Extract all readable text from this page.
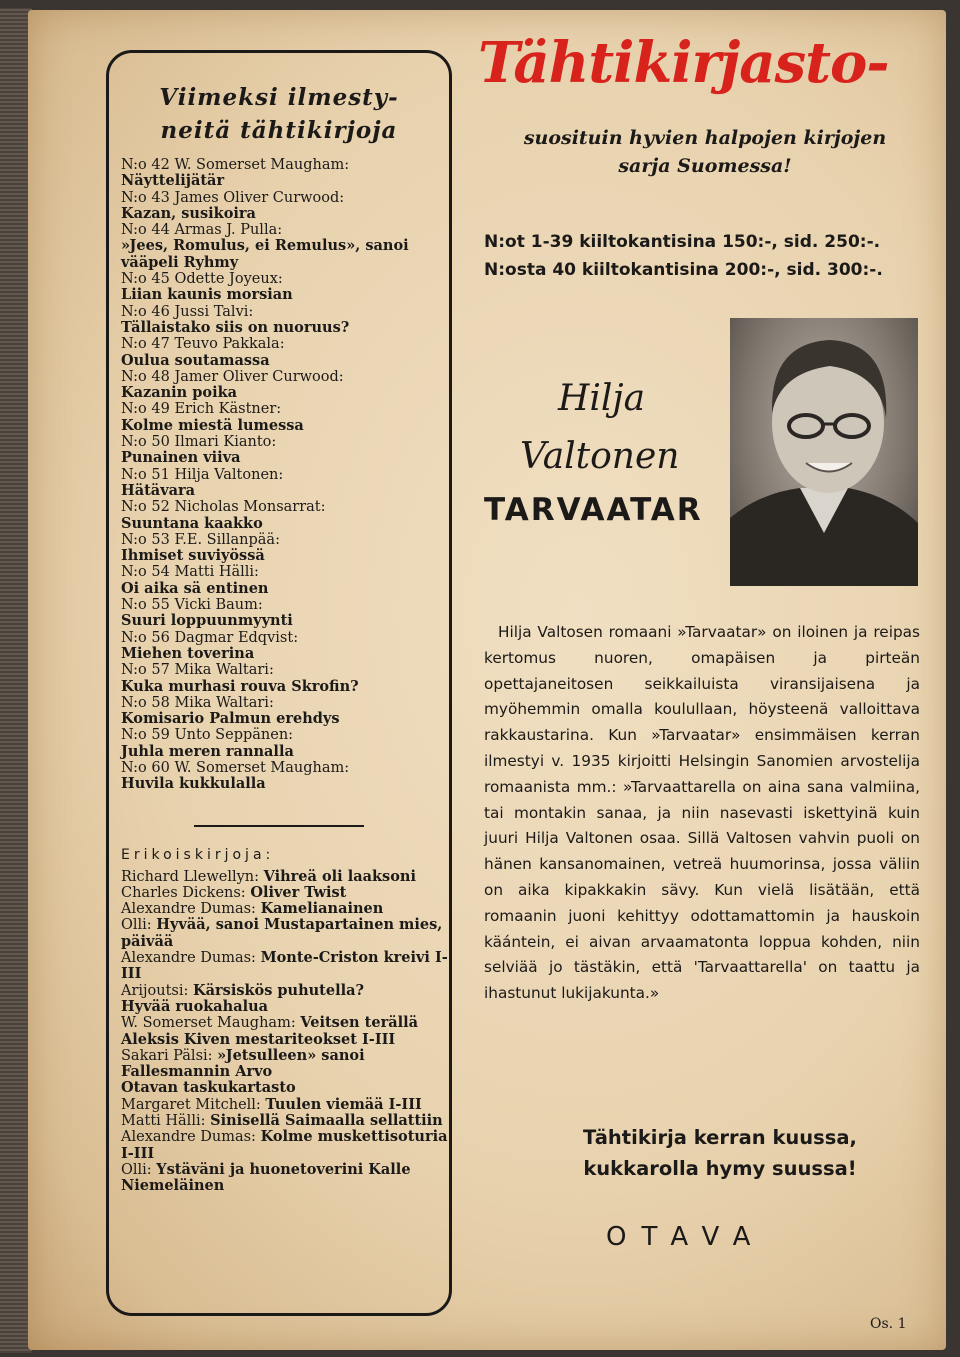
Viimeksi ilmesty-
neitä tähtikirjoja
N:o 42 W. Somerset Maugham:
Näyttelijätär
N:o 43 James Oliver Curwood:
Kazan, susikoira
N:o 44 Armas J. Pulla:
»Jees, Romulus, ei Remulus», sanoi vääpeli Ryhmy
N:o 45 Odette Joyeux:
Liian kaunis morsian
N:o 46 Jussi Talvi:
Tällaistako siis on nuoruus?
N:o 47 Teuvo Pakkala:
Oulua soutamassa
N:o 48 Jamer Oliver Curwood:
Kazanin poika
N:o 49 Erich Kästner:
Kolme miestä lumessa
N:o 50 Ilmari Kianto:
Punainen viiva
N:o 51 Hilja Valtonen:
Hätävara
N:o 52 Nicholas Monsarrat:
Suuntana kaakko
N:o 53 F.E. Sillanpää:
Ihmiset suviyössä
N:o 54 Matti Hälli:
Oi aika sä entinen
N:o 55 Vicki Baum:
Suuri loppuunmyynti
N:o 56 Dagmar Edqvist:
Miehen toverina
N:o 57 Mika Waltari:
Kuka murhasi rouva Skrofin?
N:o 58 Mika Waltari:
Komisario Palmun erehdys
N:o 59 Unto Seppänen:
Juhla meren rannalla
N:o 60 W. Somerset Maugham:
Huvila kukkulalla
Erikoiskirjoja:
Richard Llewellyn: Vihreä oli laaksoni
Charles Dickens: Oliver Twist
Alexandre Dumas: Kamelianainen
Olli: Hyvää, sanoi Mustapartainen mies, päivää
Alexandre Dumas: Monte-Criston kreivi I-III
Arijoutsi: Kärsiskös puhutella?
Hyvää ruokahalua
W. Somerset Maugham: Veitsen terällä
Aleksis Kiven mestariteokset I-III
Sakari Pälsi: »Jetsulleen» sanoi Fallesmannin Arvo
Otavan taskukartasto
Margaret Mitchell: Tuulen viemää I-III
Matti Hälli: Sinisellä Saimaalla sellattiin
Alexandre Dumas: Kolme muskettisoturia I-III
Olli: Ystäväni ja huonetoverini Kalle Niemeläinen
Tähtikirjasto-
suosituin hyvien halpojen kirjojen
sarja Suomessa!
N:ot 1-39 kiiltokantisina 150:-, sid. 250:-.
N:osta 40 kiiltokantisina 200:-, sid. 300:-.
Hilja
Valtonen
TARVAATAR
Hilja Valtosen romaani »Tarvaatar» on iloinen ja reipas kertomus nuoren, omapäisen ja pirteän opettajaneitosen seikkailuista viransijaisena ja myöhemmin omalla koulullaan, höysteenä valloittava rakkaustarina. Kun »Tarvaatar» ensimmäisen kerran ilmestyi v. 1935 kirjoitti Helsingin Sanomien arvostelija romaanista mm.: »Tarvaattarella on aina sana valmiina, tai montakin sanaa, ja niin nasevasti iskettyinä kuin juuri Hilja Valtonen osaa. Sillä Valtosen vahvin puoli on hänen kansanomainen, vetreä huumorinsa, jossa väliin on aika kipakkakin sävy. Kun vielä lisätään, että romaanin juoni kehittyy odottamattomin ja hauskoin käántein, ei aivan arvaamatonta loppua kohden, niin selviää jo tästäkin, että 'Tarvaattarella' on taattu ja ihastunut lukijakunta.»
Tähtikirja kerran kuussa,
kukkarolla hymy suussa!
OTAVA
Os. 1
